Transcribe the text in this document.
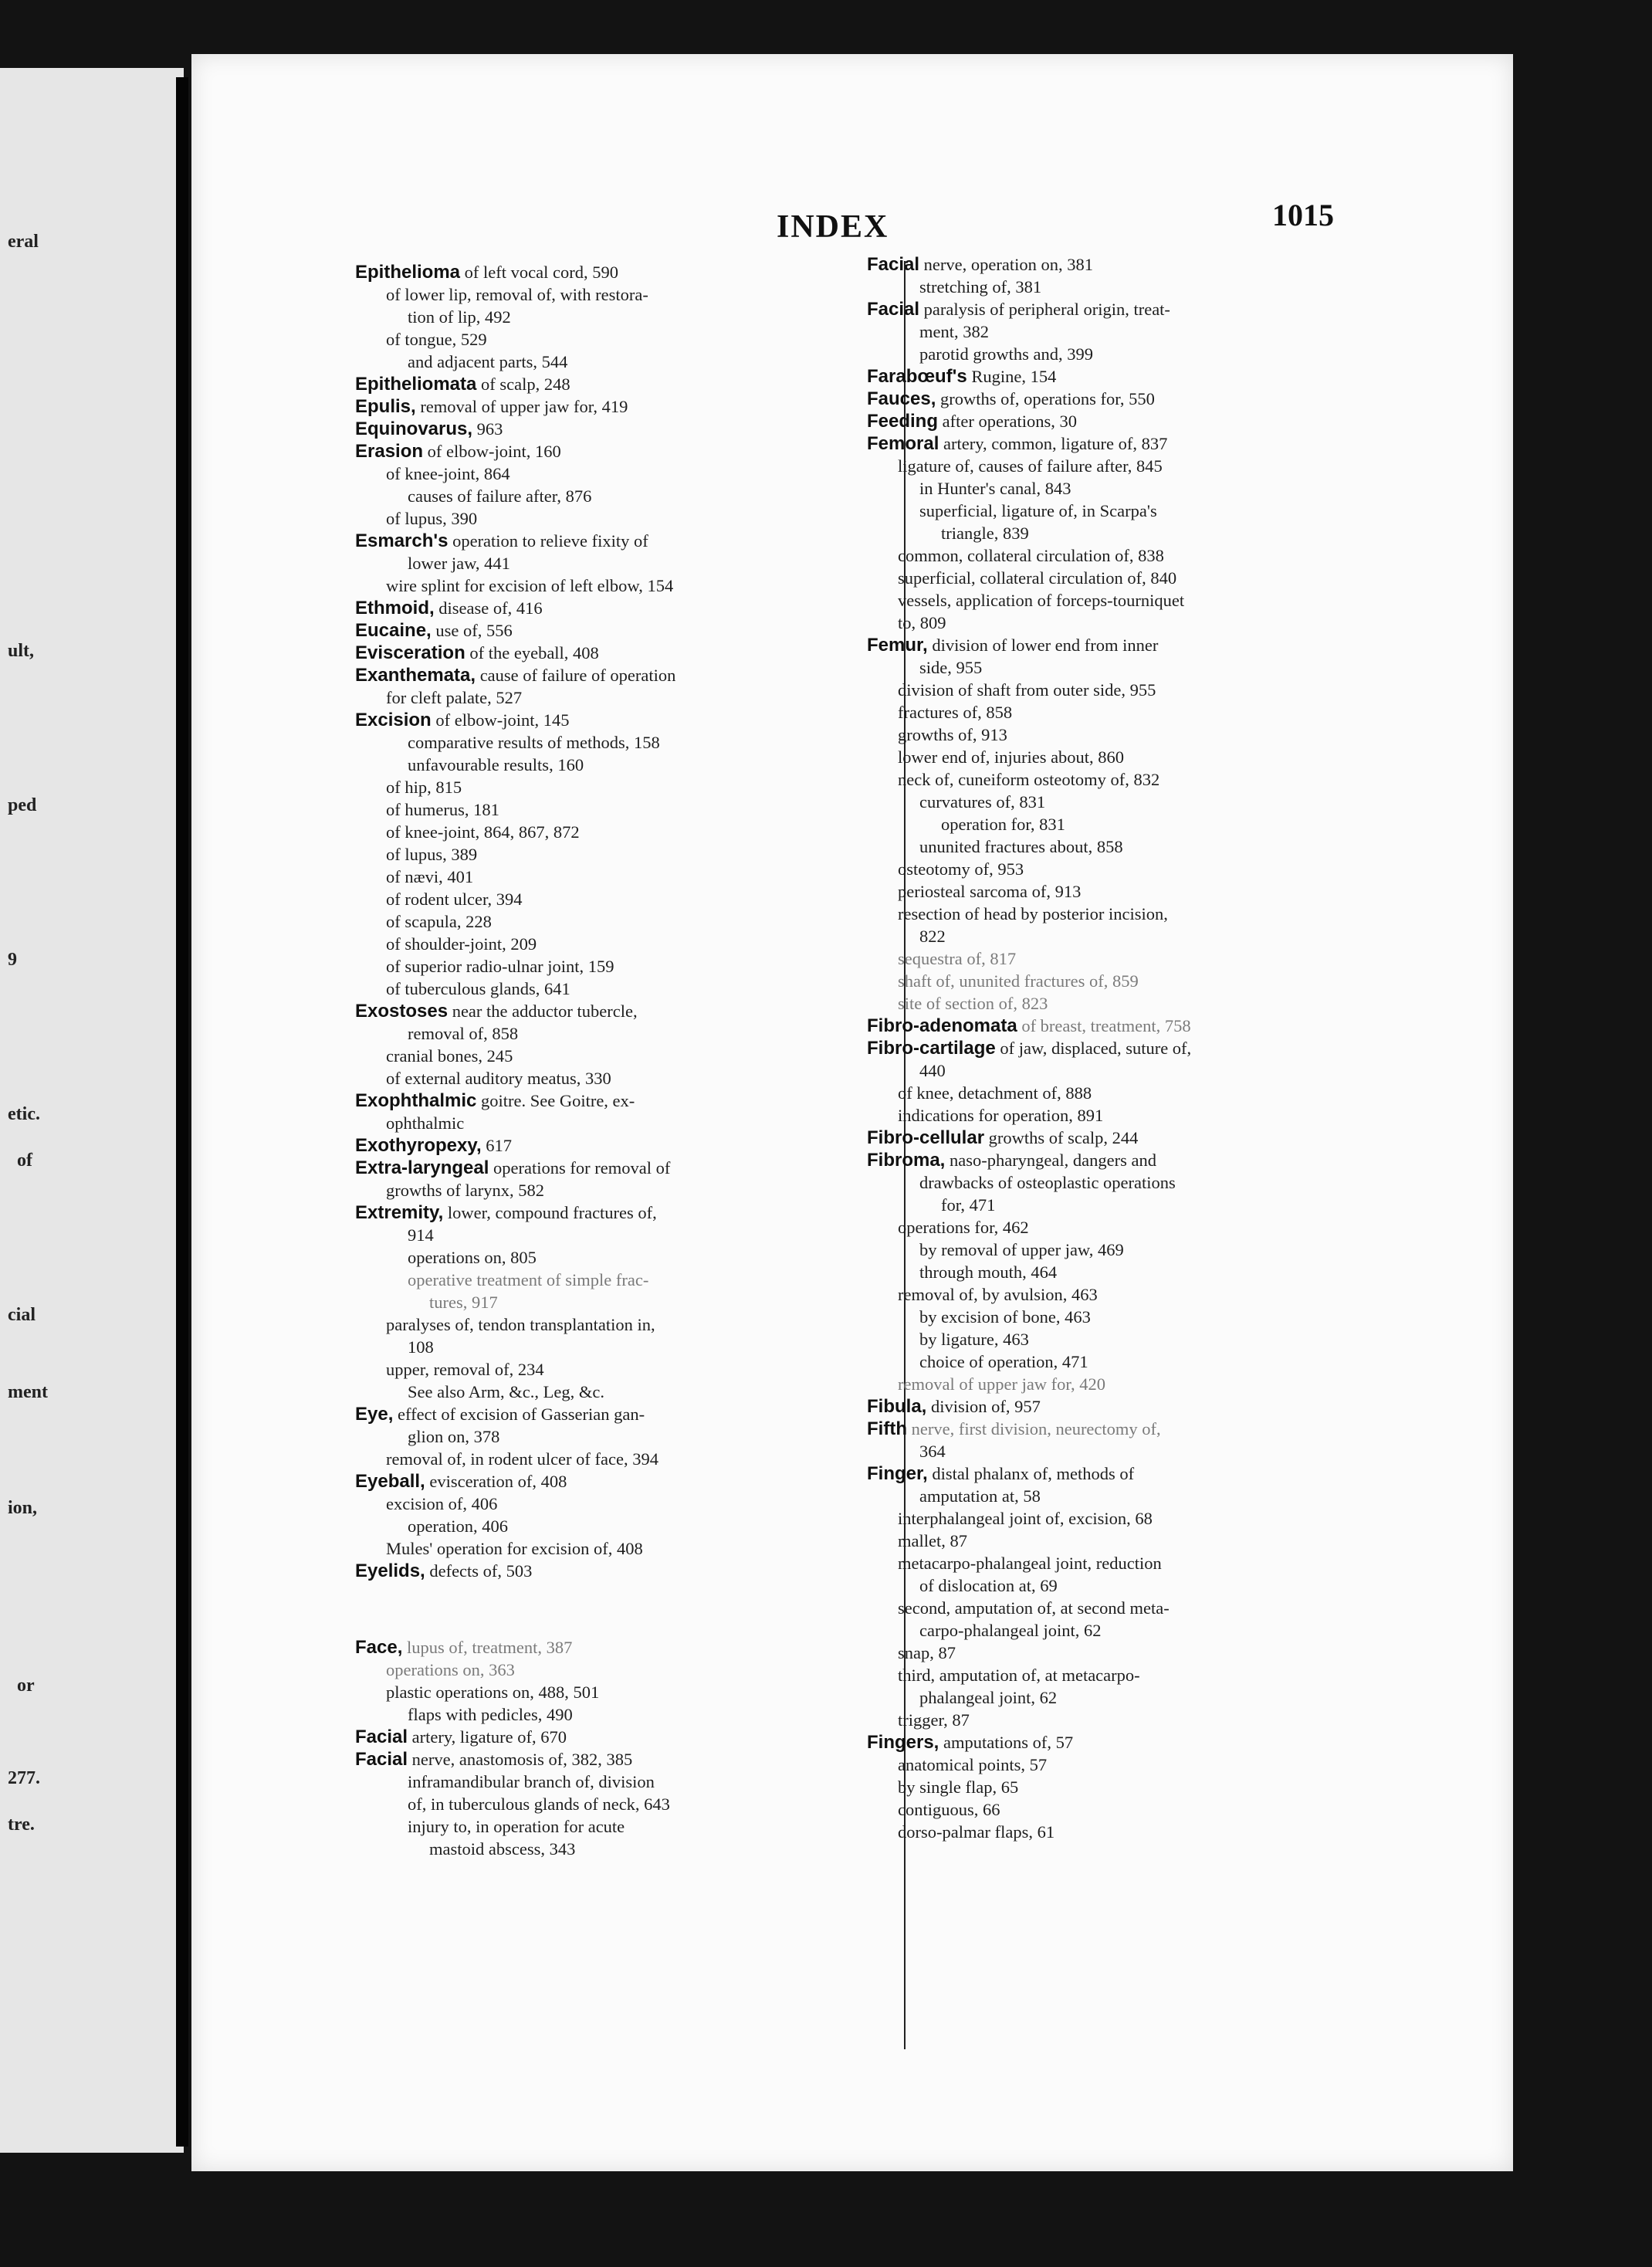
eral
ult,
ped
9
etic.
of
cial
ment
ion,
or
277.
tre.
INDEX	1015
Epithelioma of left vocal cord, 590
of lower lip, removal of, with restora-
tion of lip, 492
of tongue, 529
and adjacent parts, 544
Epitheliomata of scalp, 248
Epulis, removal of upper jaw for, 419
Equinovarus, 963
Erasion of elbow-joint, 160
of knee-joint, 864
causes of failure after, 876
of lupus, 390
Esmarch's operation to relieve fixity of
lower jaw, 441
wire splint for excision of left elbow, 154
Ethmoid, disease of, 416
Eucaine, use of, 556
Evisceration of the eyeball, 408
Exanthemata, cause of failure of operation
for cleft palate, 527
Excision of elbow-joint, 145
comparative results of methods, 158
unfavourable results, 160
of hip, 815
of humerus, 181
of knee-joint, 864, 867, 872
of lupus, 389
of nævi, 401
of rodent ulcer, 394
of scapula, 228
of shoulder-joint, 209
of superior radio-ulnar joint, 159
of tuberculous glands, 641
Exostoses near the adductor tubercle,
removal of, 858
cranial bones, 245
of external auditory meatus, 330
Exophthalmic goitre. See Goitre, ex-
ophthalmic
Exothyropexy, 617
Extra-laryngeal operations for removal of
growths of larynx, 582
Extremity, lower, compound fractures of,
914
operations on, 805
operative treatment of simple frac-
tures, 917
paralyses of, tendon transplantation in,
108
upper, removal of, 234
See also Arm, &c., Leg, &c.
Eye, effect of excision of Gasserian gan-
glion on, 378
removal of, in rodent ulcer of face, 394
Eyeball, evisceration of, 408
excision of, 406
operation, 406
Mules' operation for excision of, 408
Eyelids, defects of, 503
Face, lupus of, treatment, 387
operations on, 363
plastic operations on, 488, 501
flaps with pedicles, 490
Facial artery, ligature of, 670
Facial nerve, anastomosis of, 382, 385
inframandibular branch of, division
of, in tuberculous glands of neck, 643
injury to, in operation for acute
mastoid abscess, 343
Facial nerve, operation on, 381
stretching of, 381
Facial paralysis of peripheral origin, treat-
ment, 382
parotid growths and, 399
Farabœuf's Rugine, 154
Fauces, growths of, operations for, 550
Feeding after operations, 30
Femoral artery, common, ligature of, 837
ligature of, causes of failure after, 845
in Hunter's canal, 843
superficial, ligature of, in Scarpa's
triangle, 839
common, collateral circulation of, 838
superficial, collateral circulation of, 840
vessels, application of forceps-tourniquet
to, 809
Femur, division of lower end from inner
side, 955
division of shaft from outer side, 955
fractures of, 858
growths of, 913
lower end of, injuries about, 860
neck of, cuneiform osteotomy of, 832
curvatures of, 831
operation for, 831
ununited fractures about, 858
osteotomy of, 953
periosteal sarcoma of, 913
resection of head by posterior incision,
822
sequestra of, 817
shaft of, ununited fractures of, 859
site of section of, 823
Fibro-adenomata of breast, treatment, 758
Fibro-cartilage of jaw, displaced, suture of,
440
of knee, detachment of, 888
indications for operation, 891
Fibro-cellular growths of scalp, 244
Fibroma, naso-pharyngeal, dangers and
drawbacks of osteoplastic operations
for, 471
operations for, 462
by removal of upper jaw, 469
through mouth, 464
removal of, by avulsion, 463
by excision of bone, 463
by ligature, 463
choice of operation, 471
removal of upper jaw for, 420
Fibula, division of, 957
Fifth nerve, first division, neurectomy of,
364
Finger, distal phalanx of, methods of
amputation at, 58
interphalangeal joint of, excision, 68
mallet, 87
metacarpo-phalangeal joint, reduction
of dislocation at, 69
second, amputation of, at second meta-
carpo-phalangeal joint, 62
snap, 87
third, amputation of, at metacarpo-
phalangeal joint, 62
trigger, 87
Fingers, amputations of, 57
anatomical points, 57
by single flap, 65
contiguous, 66
dorso-palmar flaps, 61
